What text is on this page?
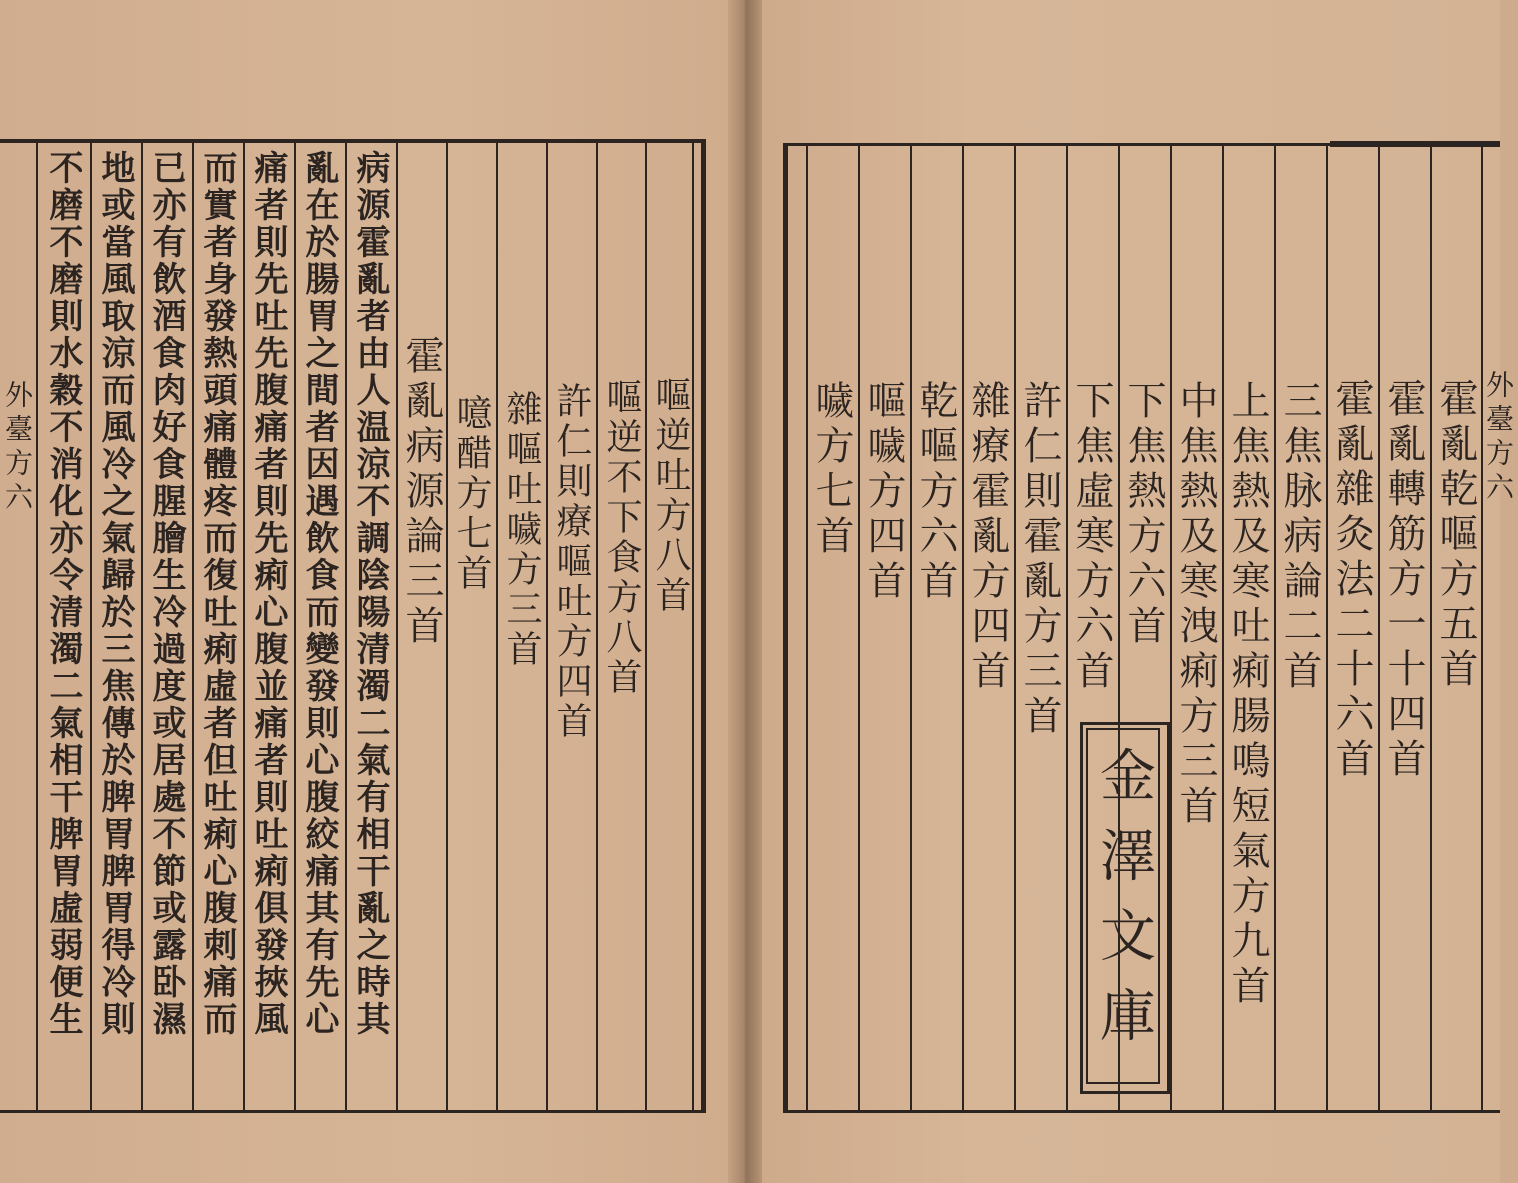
外臺方六	嘔逆吐方八首
嘔逆不下食方八首
許仁則療嘔吐方四首
雜嘔吐噦方三首
噫醋方七首
霍亂病源論三首
病源霍亂者由人温涼不調陰陽清濁二氣有相干亂之時其
亂在於腸胃之間者因遇飲食而變發則心腹絞痛其有先心
痛者則先吐先腹痛者則先痢心腹並痛者則吐痢俱發挾風
而實者身發熱頭痛體疼而復吐痢虛者但吐痢心腹刺痛而
已亦有飲酒食肉好食腥膾生冷過度或居處不節或露卧濕
地或當風取涼而風冷之氣歸於三焦傳於脾胃脾胃得冷則
不磨不磨則水穀不消化亦令清濁二氣相干脾胃虛弱便生	外臺方六
霍亂乾嘔方五首
霍亂轉筋方一十四首
霍亂雜灸法二十六首
三焦脉病論二首
上焦熱及寒吐痢腸鳴短氣方九首
中焦熱及寒洩痢方三首
下焦熱方六首
下焦虛寒方六首
許仁則霍亂方三首
雜療霍亂方四首
乾嘔方六首
嘔噦方四首
噦方七首
金澤文庫
